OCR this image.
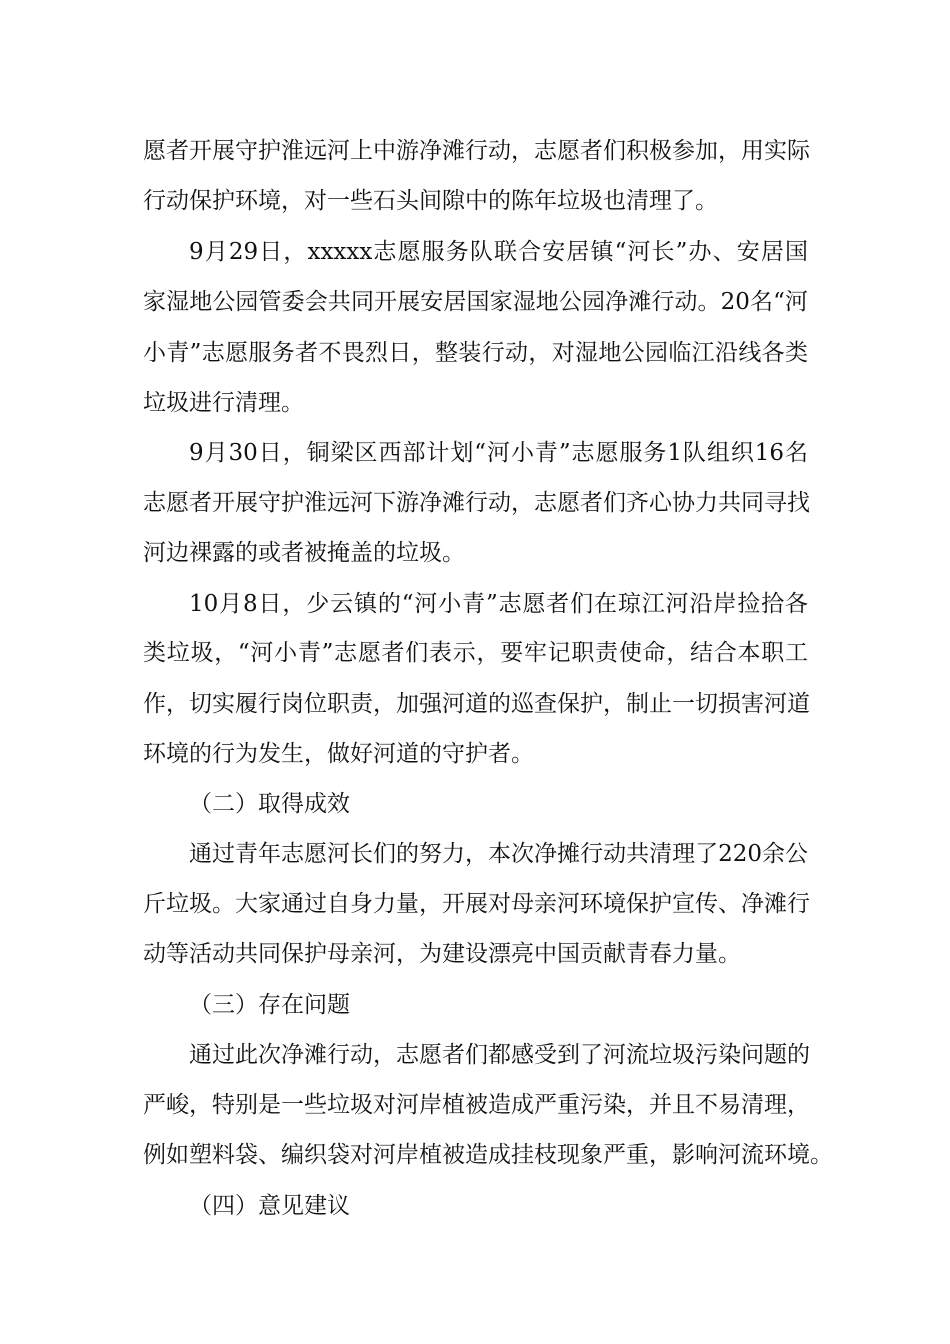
愿者开展守护淮远河上中游净滩行动，志愿者们积极参加，用实际
行动保护环境，对一些石头间隙中的陈年垃圾也清理了。
9月29日，xxxxx志愿服务队联合安居镇“河长”办、安居国
家湿地公园管委会共同开展安居国家湿地公园净滩行动。20名“河
小青”志愿服务者不畏烈日，整装行动，对湿地公园临江沿线各类
垃圾进行清理。
9月30日，铜梁区西部计划“河小青”志愿服务1队组织16名
志愿者开展守护淮远河下游净滩行动，志愿者们齐心协力共同寻找
河边裸露的或者被掩盖的垃圾。
10月8日，少云镇的“河小青”志愿者们在琼江河沿岸捡拾各
类垃圾，“河小青”志愿者们表示，要牢记职责使命，结合本职工
作，切实履行岗位职责，加强河道的巡查保护，制止一切损害河道
环境的行为发生，做好河道的守护者。
（二）取得成效
通过青年志愿河长们的努力，本次净摊行动共清理了220余公
斤垃圾。大家通过自身力量，开展对母亲河环境保护宣传、净滩行
动等活动共同保护母亲河，为建设漂亮中国贡献青春力量。
（三）存在问题
通过此次净滩行动，志愿者们都感受到了河流垃圾污染问题的
严峻，特别是一些垃圾对河岸植被造成严重污染，并且不易清理，
例如塑料袋、编织袋对河岸植被造成挂枝现象严重，影响河流环境。
（四）意见建议
